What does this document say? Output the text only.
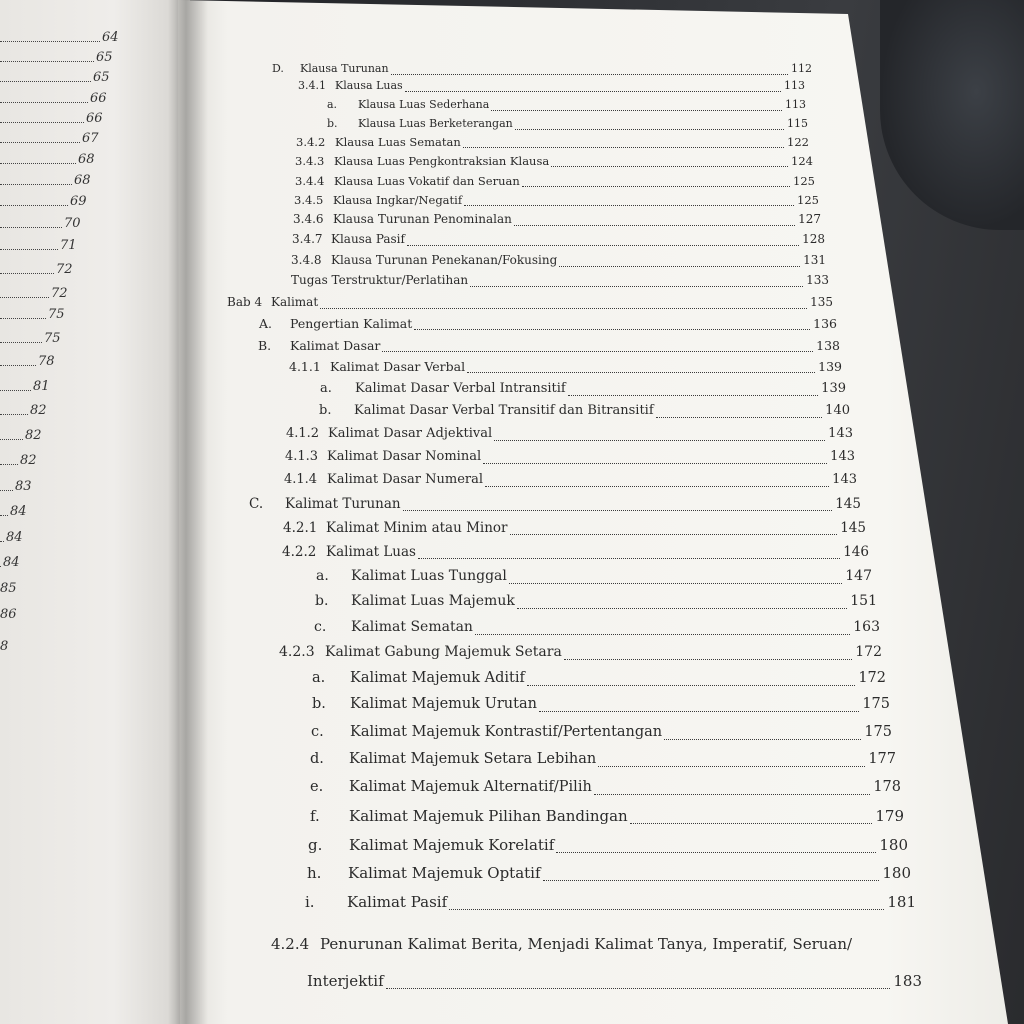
64
65
65
66
66
67
68
68
69
70
71
72
72
75
75
78
81
82
82
82
83
84
84
84
85
86
8
D. Klausa Turunan	112
3.4.1 Klausa Luas	113
a. Klausa Luas Sederhana	113
b. Klausa Luas Berketerangan	115
3.4.2 Klausa Luas Sematan	122
3.4.3 Klausa Luas Pengkontraksian Klausa	124
3.4.4 Klausa Luas Vokatif dan Seruan	125
3.4.5 Klausa Ingkar/Negatif	125
3.4.6 Klausa Turunan Penominalan	127
3.4.7 Klausa Pasif	128
3.4.8 Klausa Turunan Penekanan/Fokusing	131
Tugas Terstruktur/Perlatihan	133
Bab 4 Kalimat	135
A. Pengertian Kalimat	136
B. Kalimat Dasar	138
4.1.1 Kalimat Dasar Verbal	139
a. Kalimat Dasar Verbal Intransitif	139
b. Kalimat Dasar Verbal Transitif dan Bitransitif	140
4.1.2 Kalimat Dasar Adjektival	143
4.1.3 Kalimat Dasar Nominal	143
4.1.4 Kalimat Dasar Numeral	143
C. Kalimat Turunan	145
4.2.1 Kalimat Minim atau Minor	145
4.2.2 Kalimat Luas	146
a. Kalimat Luas Tunggal	147
b. Kalimat Luas Majemuk	151
c. Kalimat Sematan	163
4.2.3 Kalimat Gabung Majemuk Setara	172
a. Kalimat Majemuk Aditif	172
b. Kalimat Majemuk Urutan	175
c. Kalimat Majemuk Kontrastif/Pertentangan	175
d. Kalimat Majemuk Setara Lebihan	177
e. Kalimat Majemuk Alternatif/Pilih	178
f. Kalimat Majemuk Pilihan Bandingan	179
g. Kalimat Majemuk Korelatif	180
h. Kalimat Majemuk Optatif	180
i. Kalimat Pasif	181
4.2.4 Penurunan Kalimat Berita, Menjadi Kalimat Tanya, Imperatif, Seruan/
Interjektif	183
